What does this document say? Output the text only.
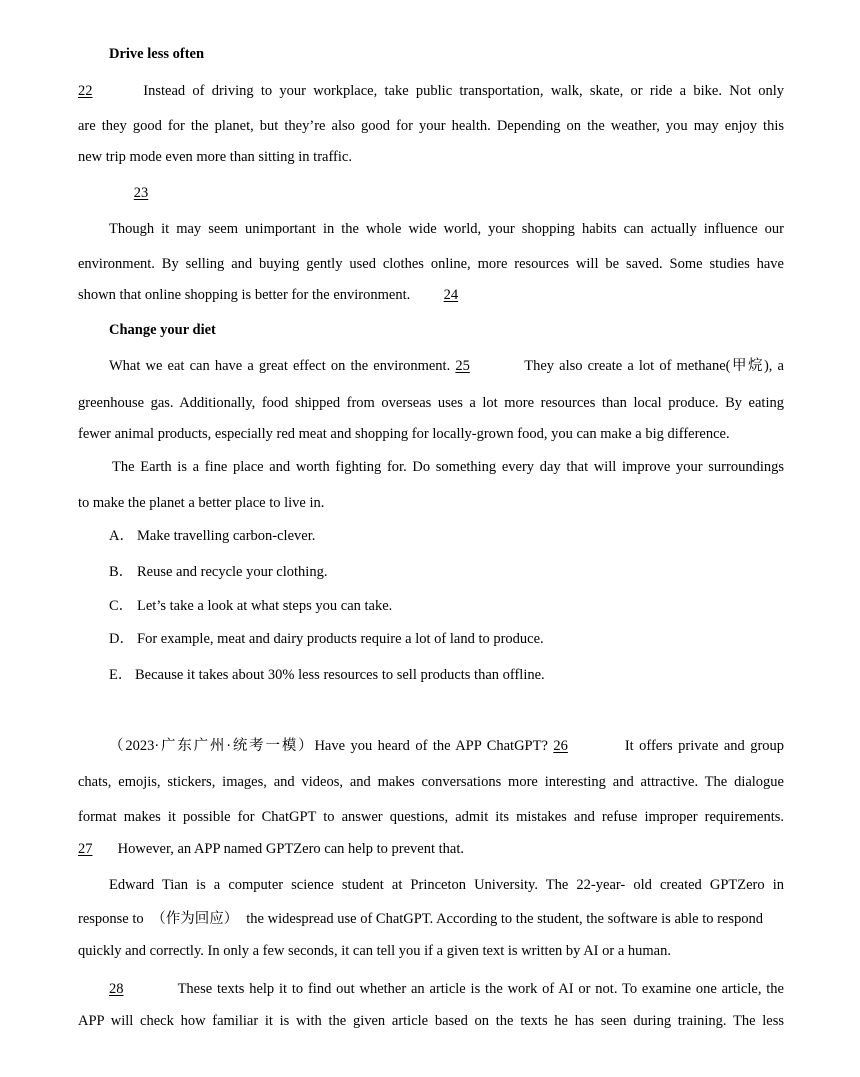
Drive less often
22	Instead of driving to your workplace, take public transportation, walk, skate, or ride a bike. Not only
are they good for the planet, but they’re also good for your health. Depending on the weather, you may enjoy this
new trip mode even more than sitting in traffic.
23
Though it may seem unimportant in the whole wide world, your shopping habits can actually influence our
environment. By selling and buying gently used clothes online, more resources will be saved. Some studies have
shown that online shopping is better for the environment. 24
Change your diet
What we eat can have a great effect on the environment. 25	They also create a lot of methane(甲烷), a
greenhouse gas. Additionally, food shipped from overseas uses a lot more resources than local produce. By eating
fewer animal products, especially red meat and shopping for locally-grown food, you can make a big difference.
The Earth is a fine place and worth fighting for. Do something every day that will improve your surroundings
to make the planet a better place to live in.
A． Make travelling carbon-clever.
B． Reuse and recycle your clothing.
C． Let’s take a look at what steps you can take.
D． For example, meat and dairy products require a lot of land to produce.
E． Because it takes about 30% less resources to sell products than offline.
（2023·广东广州·统考一模）Have you heard of the APP ChatGPT? 26	It offers private and group
chats, emojis, stickers, images, and videos, and makes conversations more interesting and attractive. The dialogue
format makes it possible for ChatGPT to answer questions, admit its mistakes and refuse improper requirements.
27 However, an APP named GPTZero can help to prevent that.
Edward Tian is a computer science student at Princeton University. The 22-year- old created GPTZero in
response to （作为回应） the widespread use of ChatGPT. According to the student, the software is able to respond
quickly and correctly. In only a few seconds, it can tell you if a given text is written by AI or a human.
28	These texts help it to find out whether an article is the work of AI or not. To examine one article, the
APP will check how familiar it is with the given article based on the texts he has seen during training. The less
